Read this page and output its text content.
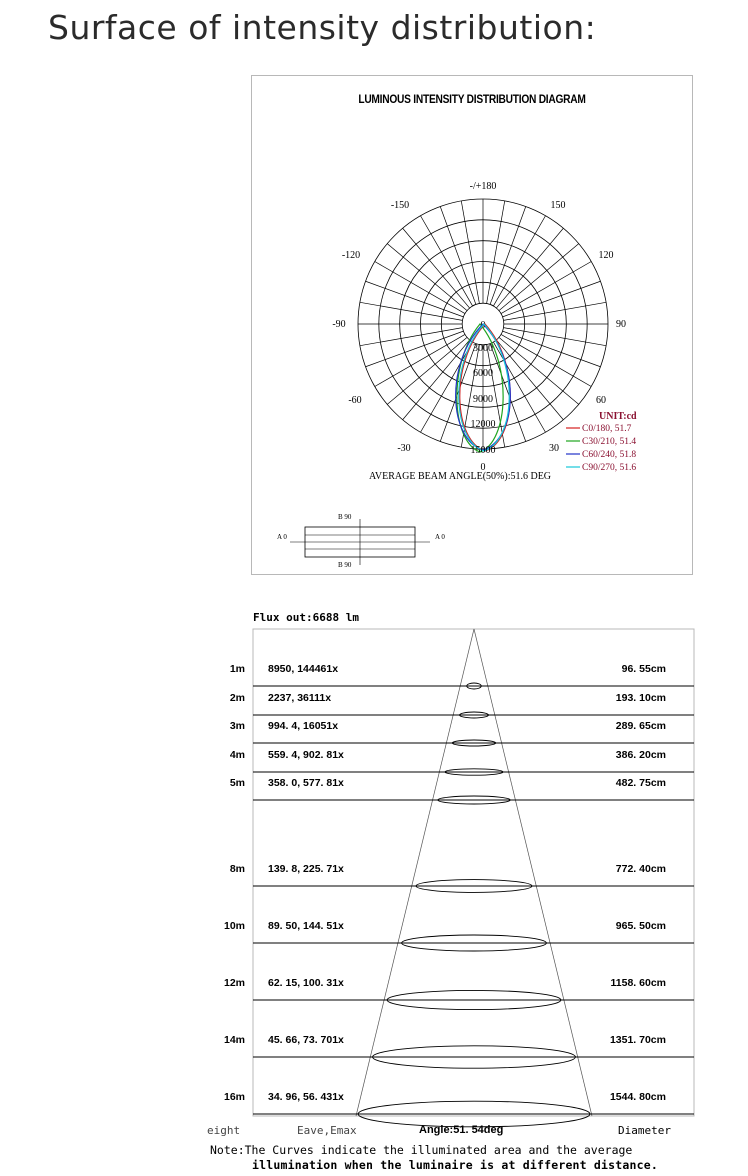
Surface of intensity distribution:
LUMINOUS INTENSITY DISTRIBUTION DIAGRAM
-/+180
-150	150
-120	120
-90	90
-60	60
-30	30
0
0
3000
6000
9000
12000
15000
UNIT:cd
C0/180, 51.7
C30/210, 51.4
C60/240, 51.8
C90/270, 51.6
AVERAGE BEAM ANGLE(50%):51.6 DEG
A 0	A 0
B 90
B 90
Flux out:6688 lm
1m 8950, 144461x	96. 55cm
2m 2237, 36111x	193. 10cm
3m 994. 4, 16051x	289. 65cm
4m 559. 4, 902. 81x	386. 20cm
5m 358. 0, 577. 81x	482. 75cm
8m 139. 8, 225. 71x	772. 40cm
10m 89. 50, 144. 51x	965. 50cm
12m 62. 15, 100. 31x	1158. 60cm
14m 45. 66, 73. 701x	1351. 70cm
16m 34. 96, 56. 431x	1544. 80cm
eight	Eave,Emax	Angle:51. 54deg	Diameter
Note:The Curves indicate the illuminated area and the average
illumination when the luminaire is at different distance.
